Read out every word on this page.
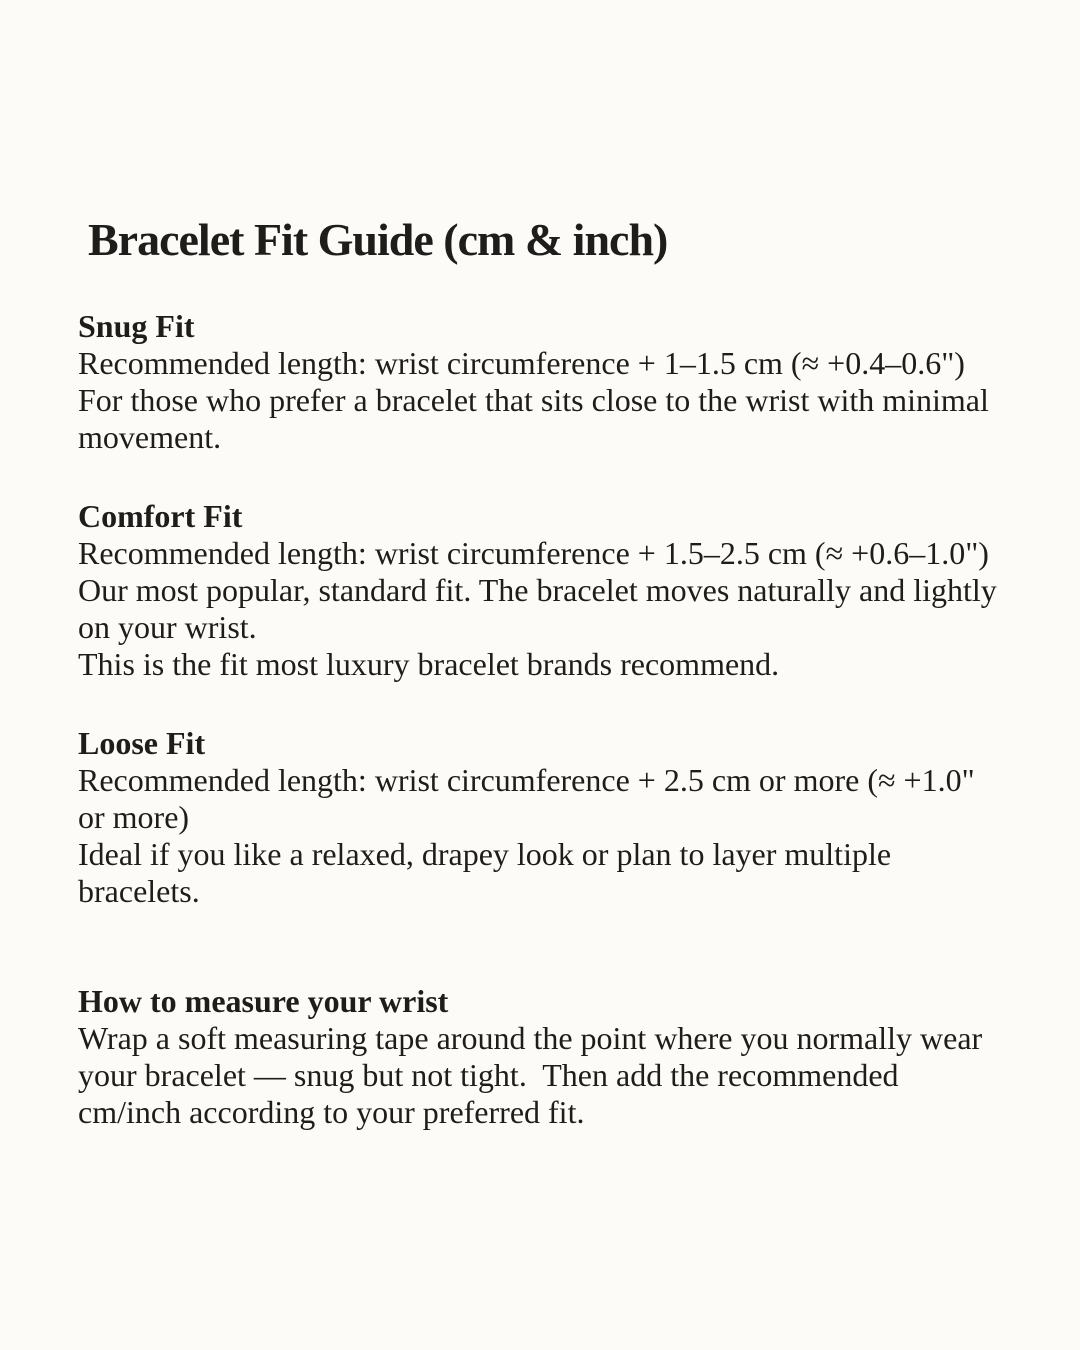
Bracelet Fit Guide (cm & inch)
Snug Fit

Recommended length: wrist circumference + 1–1.5 cm (≈ +0.4–0.6")

For those who prefer a bracelet that sits close to the wrist with minimal movement.

Comfort Fit

Recommended length: wrist circumference + 1.5–2.5 cm (≈ +0.6–1.0")

Our most popular, standard fit. The bracelet moves naturally and lightly on your wrist.

This is the fit most luxury bracelet brands recommend.

Loose Fit

Recommended length: wrist circumference + 2.5 cm or more (≈ +1.0" or more)

Ideal if you like a relaxed, drapey look or plan to layer multiple bracelets.

How to measure your wrist

Wrap a soft measuring tape around the point where you normally wear your bracelet — snug but not tight.  Then add the recommended cm/inch according to your preferred fit.
